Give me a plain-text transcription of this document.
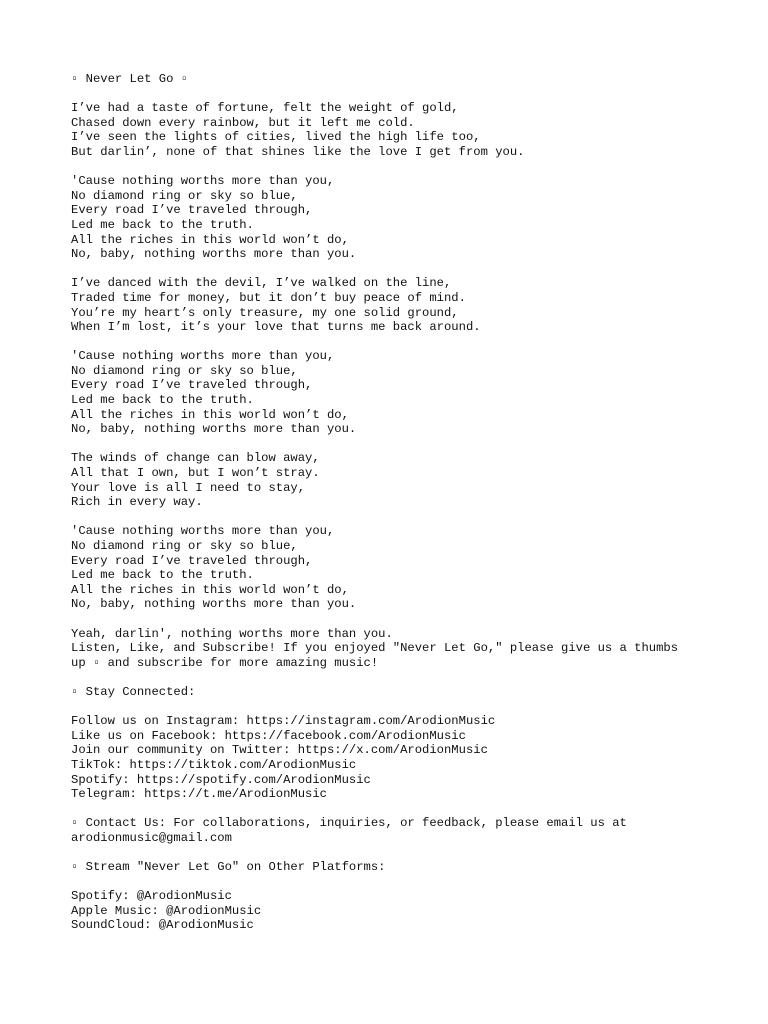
▫ Never Let Go ▫
I’ve had a taste of fortune, felt the weight of gold,
Chased down every rainbow, but it left me cold.
I’ve seen the lights of cities, lived the high life too,
But darlin’, none of that shines like the love I get from you.
'Cause nothing worths more than you,
No diamond ring or sky so blue,
Every road I’ve traveled through,
Led me back to the truth.
All the riches in this world won’t do,
No, baby, nothing worths more than you.
I’ve danced with the devil, I’ve walked on the line,
Traded time for money, but it don’t buy peace of mind.
You’re my heart’s only treasure, my one solid ground,
When I’m lost, it’s your love that turns me back around.
'Cause nothing worths more than you,
No diamond ring or sky so blue,
Every road I’ve traveled through,
Led me back to the truth.
All the riches in this world won’t do,
No, baby, nothing worths more than you.
The winds of change can blow away,
All that I own, but I won’t stray.
Your love is all I need to stay,
Rich in every way.
'Cause nothing worths more than you,
No diamond ring or sky so blue,
Every road I’ve traveled through,
Led me back to the truth.
All the riches in this world won’t do,
No, baby, nothing worths more than you.
Yeah, darlin', nothing worths more than you.
Listen, Like, and Subscribe! If you enjoyed "Never Let Go," please give us a thumbs
up ▫ and subscribe for more amazing music!
▫ Stay Connected:
Follow us on Instagram: https://instagram.com/ArodionMusic
Like us on Facebook: https://facebook.com/ArodionMusic
Join our community on Twitter: https://x.com/ArodionMusic
TikTok: https://tiktok.com/ArodionMusic
Spotify: https://spotify.com/ArodionMusic
Telegram: https://t.me/ArodionMusic
▫ Contact Us: For collaborations, inquiries, or feedback, please email us at
arodionmusic@gmail.com
▫ Stream "Never Let Go" on Other Platforms:
Spotify: @ArodionMusic
Apple Music: @ArodionMusic
SoundCloud: @ArodionMusic
